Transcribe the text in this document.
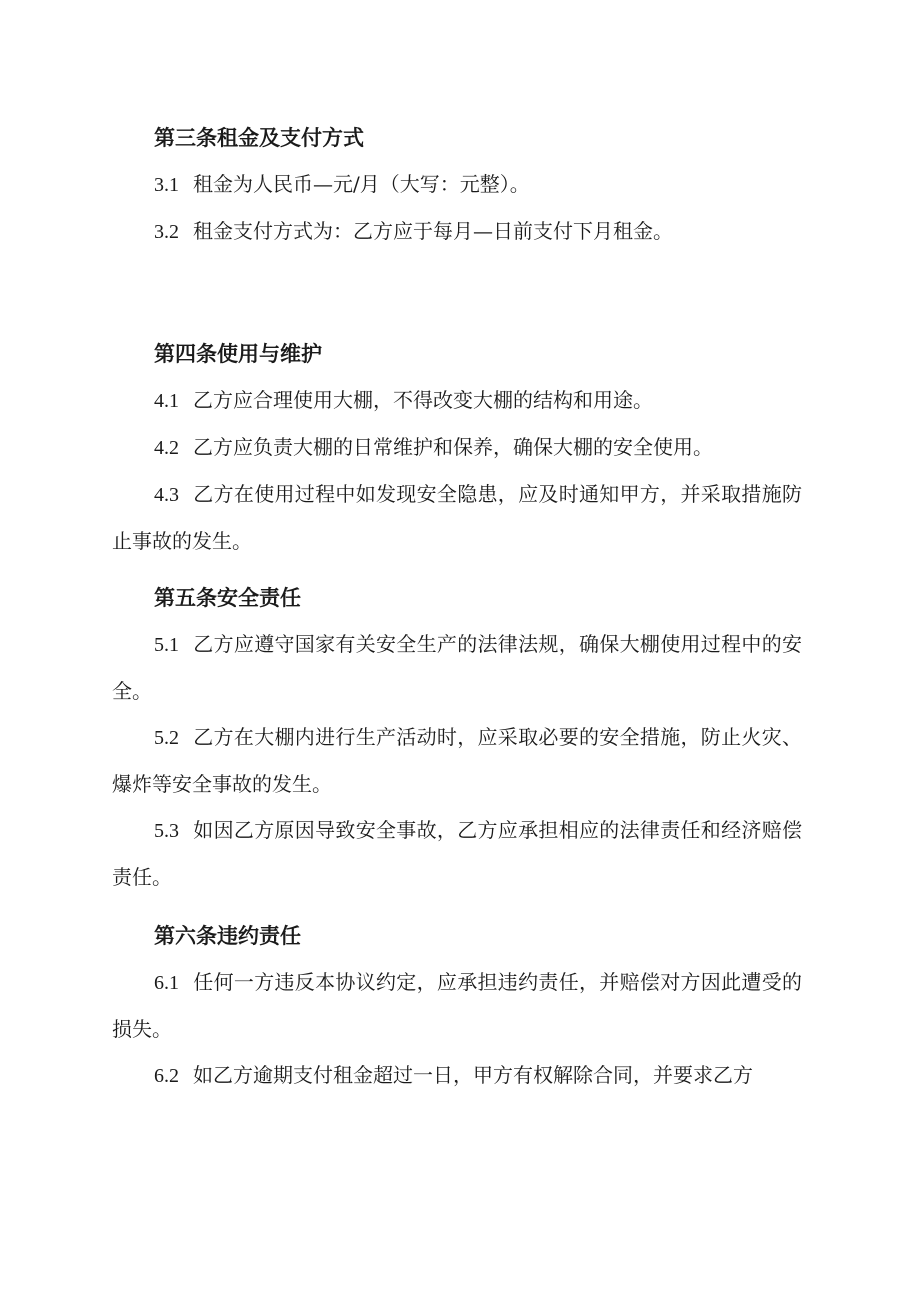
第三条租金及支付方式

3.1 租金为人民币—元/月（大写：元整）。

3.2 租金支付方式为：乙方应于每月—日前支付下月租金。

第四条使用与维护

4.1 乙方应合理使用大棚，不得改变大棚的结构和用途。

4.2 乙方应负责大棚的日常维护和保养，确保大棚的安全使用。

4.3 乙方在使用过程中如发现安全隐患，应及时通知甲方，并采取措施防止事故的发生。

第五条安全责任

5.1 乙方应遵守国家有关安全生产的法律法规，确保大棚使用过程中的安全。

5.2 乙方在大棚内进行生产活动时，应采取必要的安全措施，防止火灾、爆炸等安全事故的发生。

5.3 如因乙方原因导致安全事故，乙方应承担相应的法律责任和经济赔偿责任。

第六条违约责任

6.1 任何一方违反本协议约定，应承担违约责任，并赔偿对方因此遭受的损失。

6.2 如乙方逾期支付租金超过一日，甲方有权解除合同，并要求乙方
